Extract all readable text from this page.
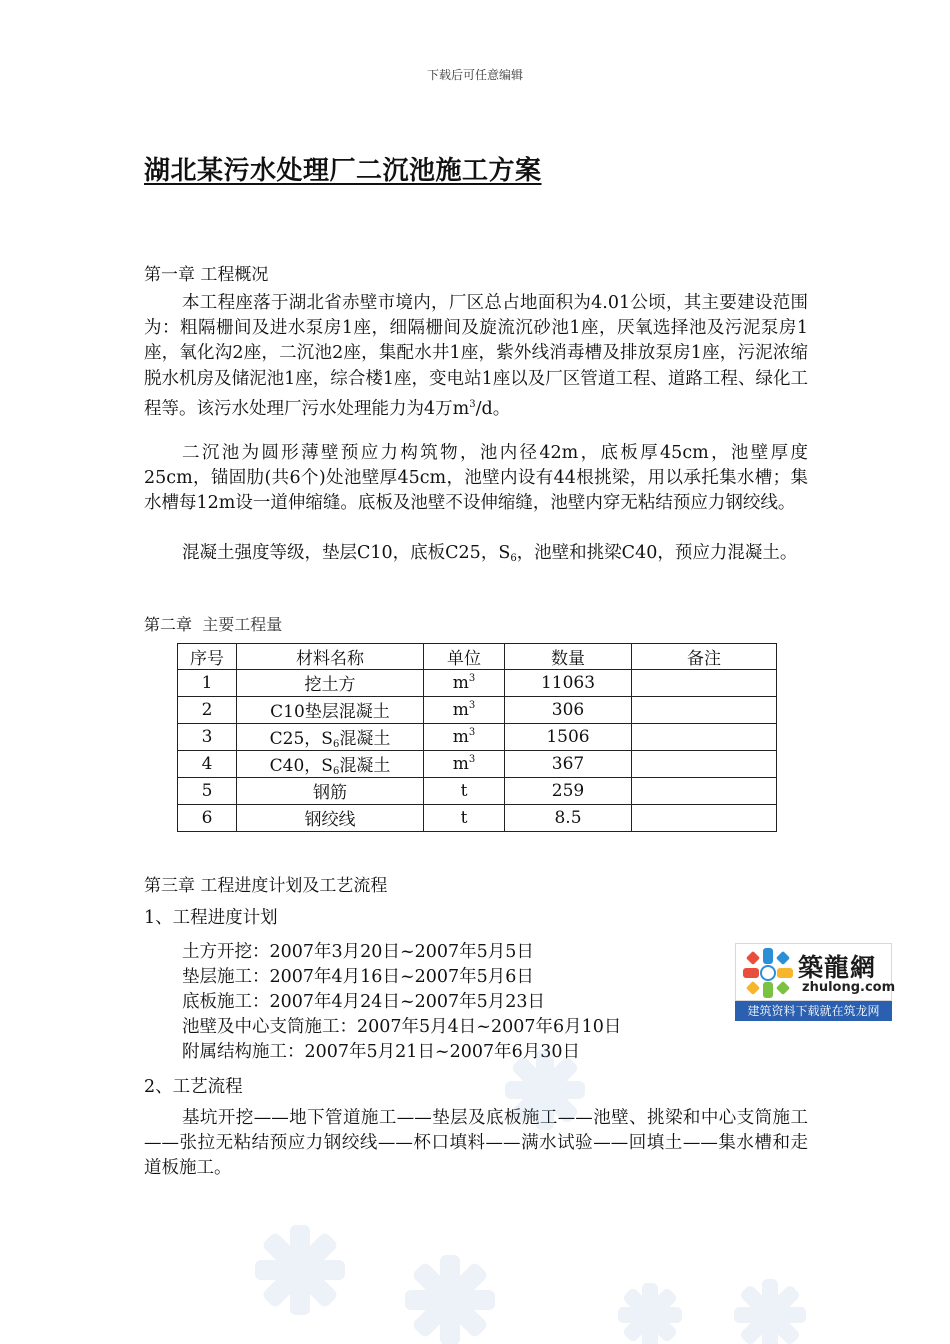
下载后可任意编辑
湖北某污水处理厂二沉池施工方案
第一章 工程概况

本工程座落于湖北省赤壁市境内，厂区总占地面积为4.01公顷，其主要建设范围为：粗隔栅间及进水泵房1座，细隔栅间及旋流沉砂池1座，厌氧选择池及污泥泵房1座，氧化沟2座，二沉池2座，集配水井1座，紫外线消毒槽及排放泵房1座，污泥浓缩脱水机房及储泥池1座，综合楼1座，变电站1座以及厂区管道工程、道路工程、绿化工程等。该污水处理厂污水处理能力为4万$m^3/d$。

二沉池为圆形薄壁预应力构筑物，池内径42m，底板厚45cm，池壁厚度25cm，锚固肋(共6个)处池壁厚45cm，池壁内设有44根挑梁，用以承托集水槽；集水槽每12m设一道伸缩缝。底板及池壁不设伸缩缝，池壁内穿无粘结预应力钢绞线。

混凝土强度等级，垫层C10，底板C25，$S_6$，池壁和挑梁C40，预应力混凝土。

第二章 主要工程量
序号	材料名称	单位	数量	备注
1	挖土方	$m^3$	11063	
2	C10垫层混凝土	$m^3$	306	
3	C25，$S_6$混凝土	$m^3$	1506	
4	C40，$S_6$混凝土	$m^3$	367	
5	钢筋	t	259	
6	钢绞线	t	8.5	
第三章 工程进度计划及工艺流程
1、工程进度计划
土方开挖：2007年3月20日~2007年5月5日
垫层施工：2007年4月16日~2007年5月6日
底板施工：2007年4月24日~2007年5月23日
池壁及中心支筒施工：2007年5月4日~2007年6月10日
附属结构施工：2007年5月21日~2007年6月30日
2、工艺流程

基坑开挖——地下管道施工——垫层及底板施工——池壁、挑梁和中心支筒施工——张拉无粘结预应力钢绞线——杯口填料——满水试验——回填土——集水槽和走道板施工。

築龍網
zhulong.com
建筑资料下载就在筑龙网
